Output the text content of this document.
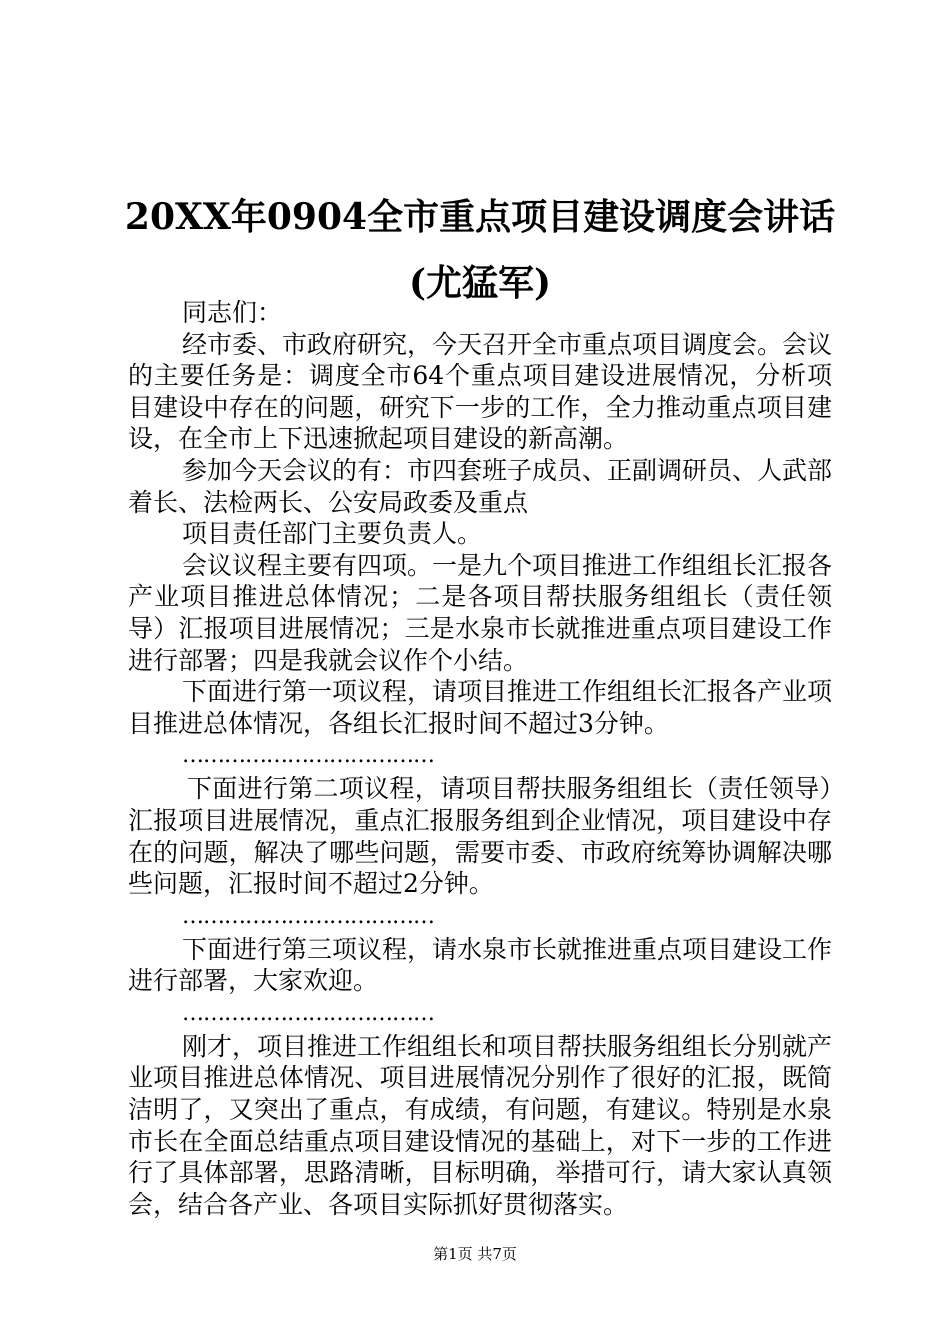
20XX年0904全市重点项目建设调度会讲话(尤猛军)

同志们：

经市委、市政府研究，今天召开全市重点项目调度会。会议的主要任务是：调度全市64个重点项目建设进展情况，分析项目建设中存在的问题，研究下一步的工作，全力推动重点项目建设，在全市上下迅速掀起项目建设的新高潮。

参加今天会议的有：市四套班子成员、正副调研员、人武部着长、法检两长、公安局政委及重点

项目责任部门主要负责人。

会议议程主要有四项。一是九个项目推进工作组组长汇报各产业项目推进总体情况；二是各项目帮扶服务组组长（责任领导）汇报项目进展情况；三是水泉市长就推进重点项目建设工作进行部署；四是我就会议作个小结。

下面进行第一项议程，请项目推进工作组组长汇报各产业项目推进总体情况，各组长汇报时间不超过3分钟。

………………………………

下面进行第二项议程，请项目帮扶服务组组长（责任领导）汇报项目进展情况，重点汇报服务组到企业情况，项目建设中存在的问题，解决了哪些问题，需要市委、市政府统筹协调解决哪些问题，汇报时间不超过2分钟。

………………………………

下面进行第三项议程，请水泉市长就推进重点项目建设工作进行部署，大家欢迎。

………………………………

刚才，项目推进工作组组长和项目帮扶服务组组长分别就产业项目推进总体情况、项目进展情况分别作了很好的汇报，既简洁明了，又突出了重点，有成绩，有问题，有建议。特别是水泉市长在全面总结重点项目建设情况的基础上，对下一步的工作进行了具体部署，思路清晰，目标明确，举措可行，请大家认真领会，结合各产业、各项目实际抓好贯彻落实。

第1页 共7页
